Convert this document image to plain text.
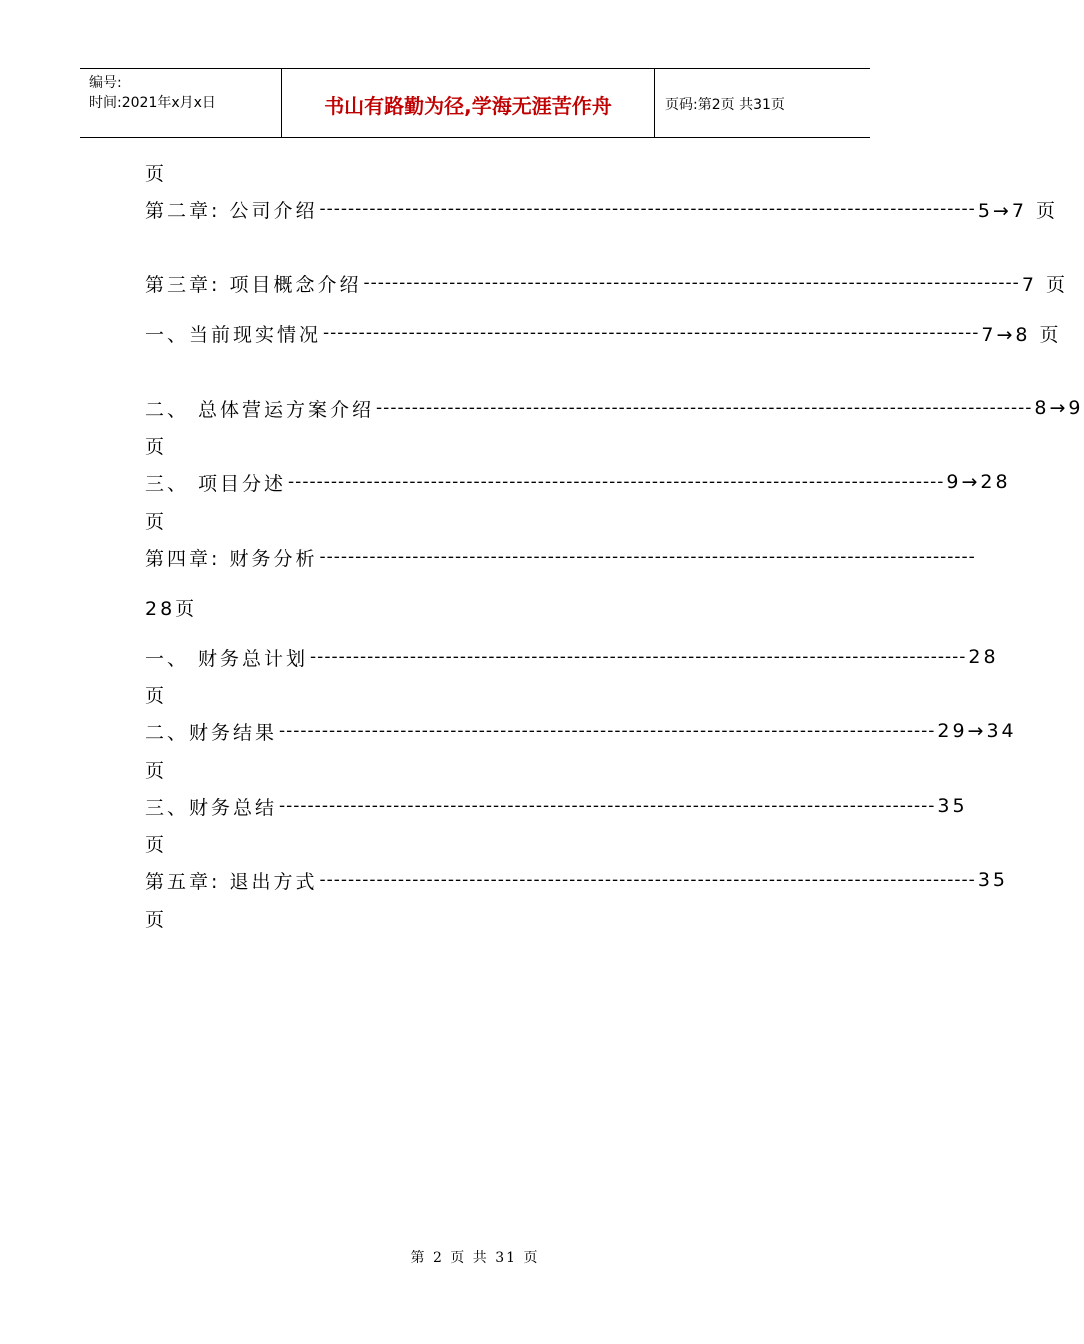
编号:
时间:2021年x月x日	书山有路勤为径,学海无涯苦作舟	页码:第2页 共31页
页
第二章: 公司介绍 -------------------------------------------------------------------------------------------- 5→7 页
第三章: 项目概念介绍 -------------------------------------------------------------------------------------------- 7 页
一、当前现实情况 -------------------------------------------------------------------------------------------- 7→8 页
二、 总体营运方案介绍 -------------------------------------------------------------------------------------------- 8→9
页
三、 项目分述 -------------------------------------------------------------------------------------------- 9→28
页
第四章: 财务分析 --------------------------------------------------------------------------------------------
28页
一、 财务总计划 -------------------------------------------------------------------------------------------- 28
页
二、财务结果 -------------------------------------------------------------------------------------------- 29→34
页
三、财务总结 -------------------------------------------------------------------------------------------- 35
页
第五章: 退出方式 -------------------------------------------------------------------------------------------- 35
页
第 2 页 共 31 页
